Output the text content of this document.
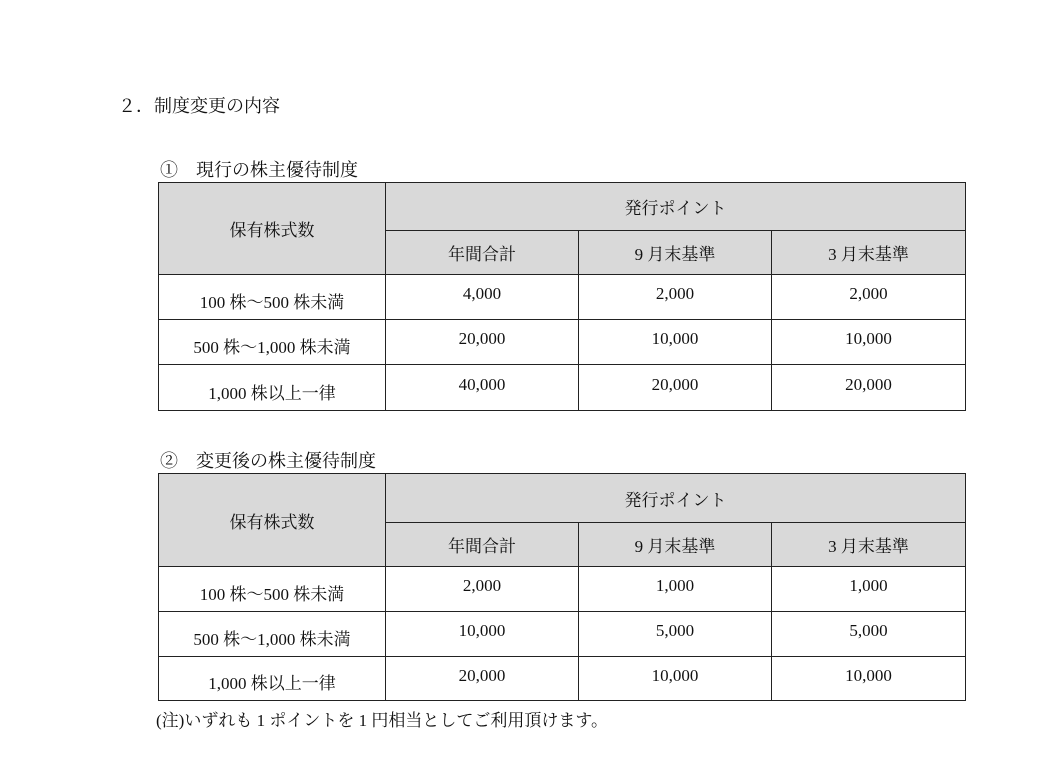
２．制度変更の内容
①　現行の株主優待制度
保有株式数	発行ポイント		
	年間合計	9 月末基準	3 月末基準
100 株～500 株未満	4,000	2,000	2,000
500 株～1,000 株未満	20,000	10,000	10,000
1,000 株以上一律	40,000	20,000	20,000
②　変更後の株主優待制度
保有株式数	発行ポイント		
	年間合計	9 月末基準	3 月末基準
100 株～500 株未満	2,000	1,000	1,000
500 株～1,000 株未満	10,000	5,000	5,000
1,000 株以上一律	20,000	10,000	10,000
(注)いずれも 1 ポイントを 1 円相当としてご利用頂けます。
